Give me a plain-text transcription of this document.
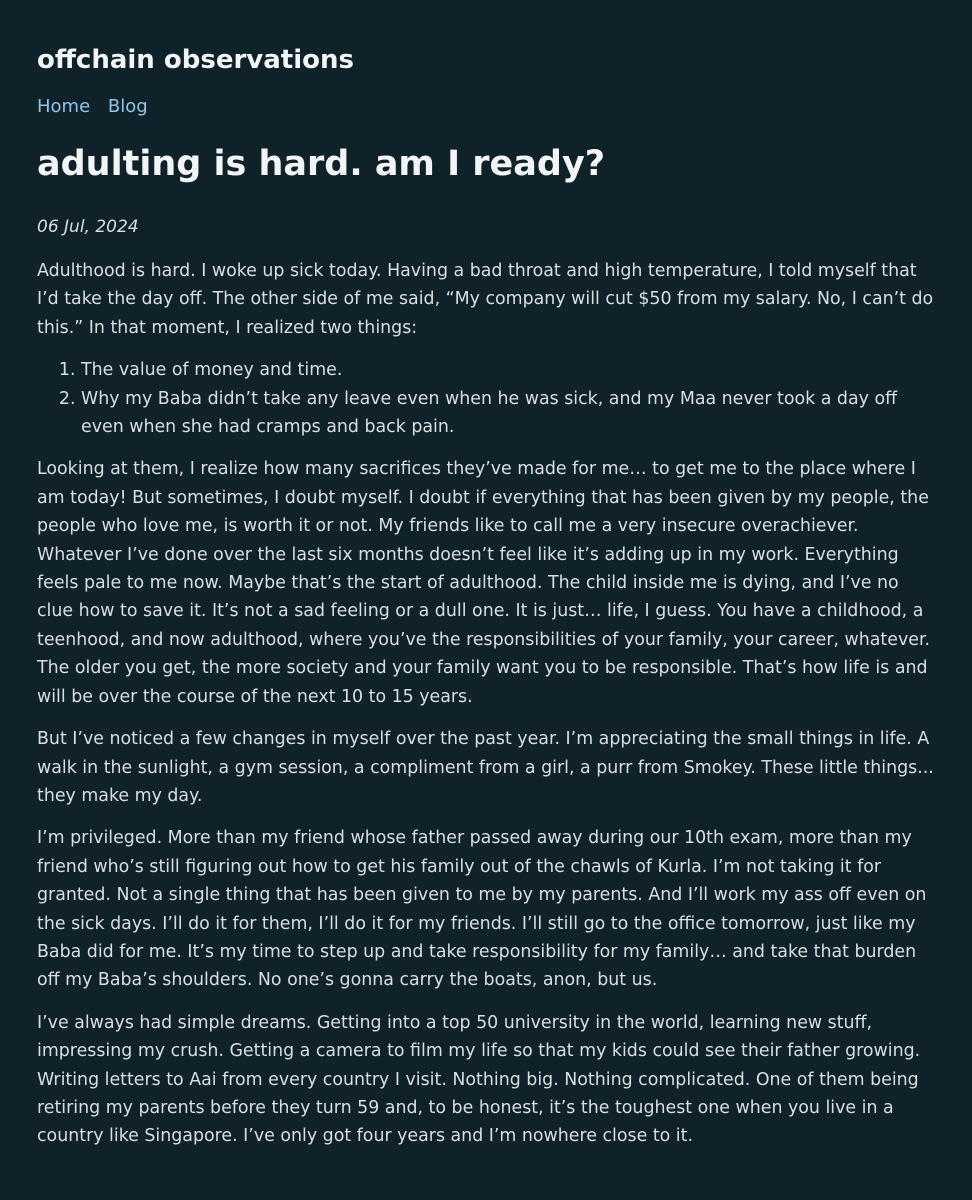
offchain observations
Home Blog
adulting is hard. am I ready?

06 Jul, 2024

Adulthood is hard. I woke up sick today. Having a bad throat and high temperature, I told myself that I’d take the day off. The other side of me said, “My company will cut $50 from my salary. No, I can’t do this.” In that moment, I realized two things:

1. The value of money and time.
2. Why my Baba didn’t take any leave even when he was sick, and my Maa never took a day off even when she had cramps and back pain.

Looking at them, I realize how many sacrifices they’ve made for me… to get me to the place where I am today! But sometimes, I doubt myself. I doubt if everything that has been given by my people, the people who love me, is worth it or not. My friends like to call me a very insecure overachiever. Whatever I’ve done over the last six months doesn’t feel like it’s adding up in my work. Everything feels pale to me now. Maybe that’s the start of adulthood. The child inside me is dying, and I’ve no clue how to save it. It’s not a sad feeling or a dull one. It is just… life, I guess. You have a childhood, a teenhood, and now adulthood, where you’ve the responsibilities of your family, your career, whatever. The older you get, the more society and your family want you to be responsible. That’s how life is and will be over the course of the next 10 to 15 years.

But I’ve noticed a few changes in myself over the past year. I’m appreciating the small things in life. A walk in the sunlight, a gym session, a compliment from a girl, a purr from Smokey. These little things... they make my day.

I’m privileged. More than my friend whose father passed away during our 10th exam, more than my friend who’s still figuring out how to get his family out of the chawls of Kurla. I’m not taking it for granted. Not a single thing that has been given to me by my parents. And I’ll work my ass off even on the sick days. I’ll do it for them, I’ll do it for my friends. I’ll still go to the office tomorrow, just like my Baba did for me. It’s my time to step up and take responsibility for my family… and take that burden off my Baba’s shoulders. No one’s gonna carry the boats, anon, but us.

I’ve always had simple dreams. Getting into a top 50 university in the world, learning new stuff, impressing my crush. Getting a camera to film my life so that my kids could see their father growing. Writing letters to Aai from every country I visit. Nothing big. Nothing complicated. One of them being retiring my parents before they turn 59 and, to be honest, it’s the toughest one when you live in a country like Singapore. I’ve only got four years and I’m nowhere close to it.
